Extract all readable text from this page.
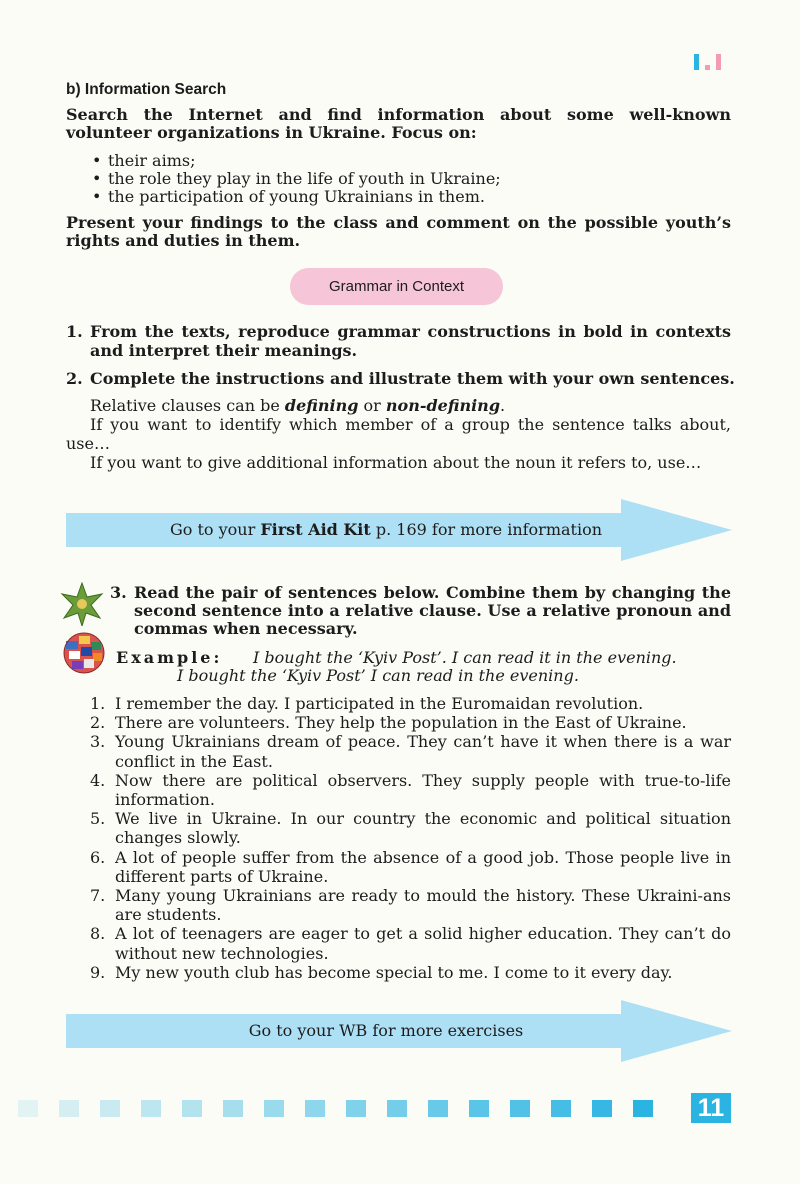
b) Information Search
Search the Internet and find information about some well-known volunteer organizations in Ukraine. Focus on:
• their aims;
• the role they play in the life of youth in Ukraine;
• the participation of young Ukrainians in them.
Present your findings to the class and comment on the possible youth’s rights and duties in them.
Grammar in Context
1. From the texts, reproduce grammar constructions in bold in contexts and interpret their meanings.
2. Complete the instructions and illustrate them with your own sentences.
Relative clauses can be defining or non-defining.
If you want to identify which member of a group the sentence talks about, use…
If you want to give additional information about the noun it refers to, use…
Go to your First Aid Kit p. 169 for more information
3. Read the pair of sentences below. Combine them by changing the second sentence into a relative clause. Use a relative pronoun and commas when necessary.
Example: I bought the ‘Kyiv Post’. I can read it in the evening.
I bought the ‘Kyiv Post’ I can read in the evening.
1. I remember the day. I participated in the Euromaidan revolution.
2. There are volunteers. They help the population in the East of Ukraine.
3. Young Ukrainians dream of peace. They can’t have it when there is a war conflict in the East.
4. Now there are political observers. They supply people with true-to-life information.
5. We live in Ukraine. In our country the economic and political situation changes slowly.
6. A lot of people suffer from the absence of a good job. Those people live in different parts of Ukraine.
7. Many young Ukrainians are ready to mould the history. These Ukraini-ans are students.
8. A lot of teenagers are eager to get a solid higher education. They can’t do without new technologies.
9. My new youth club has become special to me. I come to it every day.
Go to your WB for more exercises
11
